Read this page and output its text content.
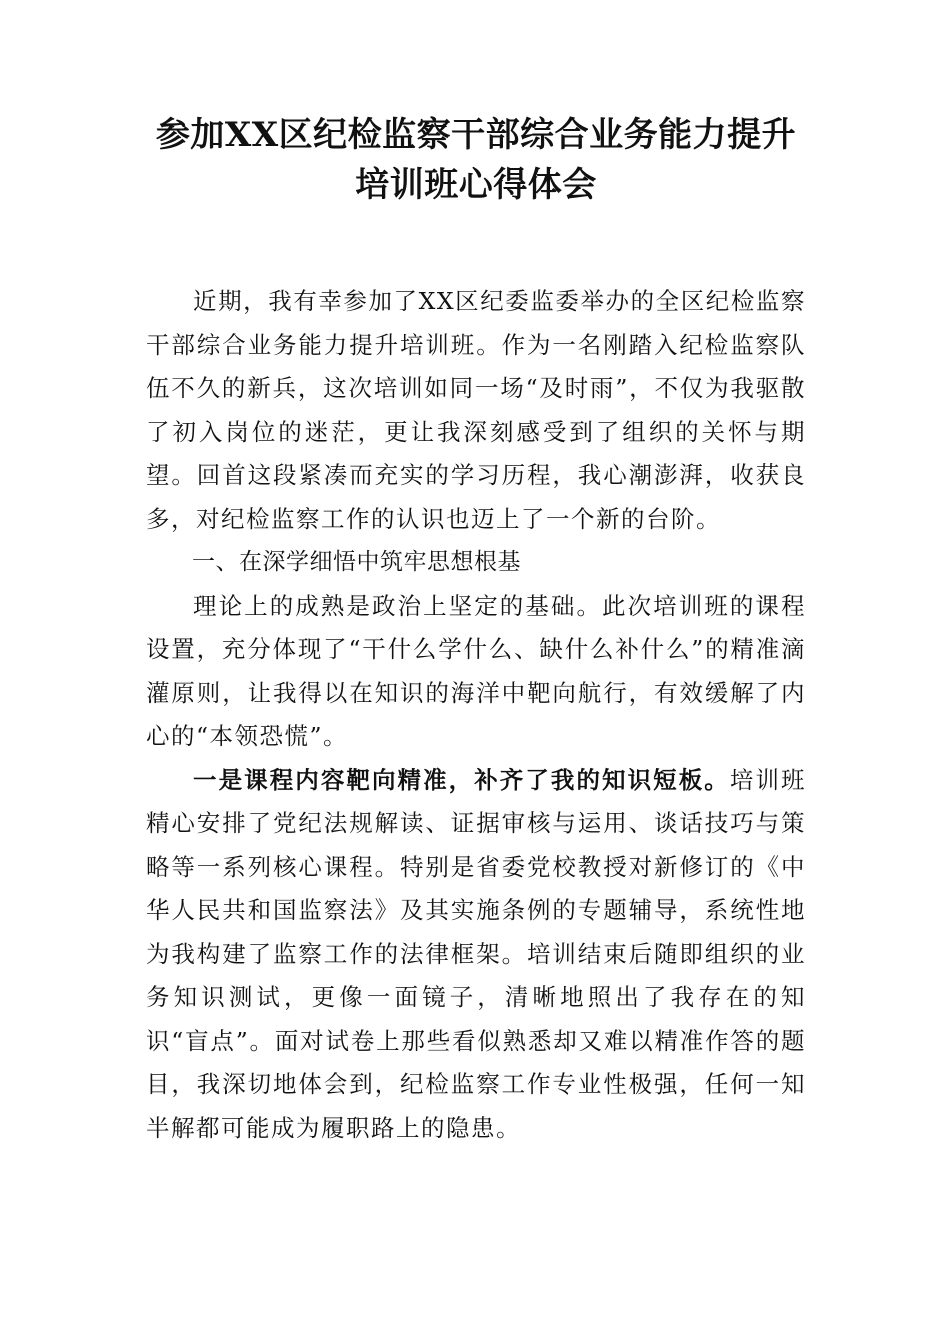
参加XX区纪检监察干部综合业务能力提升
培训班心得体会

近期，我有幸参加了XX区纪委监委举办的全区纪检监察干部综合业务能力提升培训班。作为一名刚踏入纪检监察队伍不久的新兵，这次培训如同一场“及时雨”，不仅为我驱散了初入岗位的迷茫，更让我深刻感受到了组织的关怀与期望。回首这段紧凑而充实的学习历程，我心潮澎湃，收获良多，对纪检监察工作的认识也迈上了一个新的台阶。

一、在深学细悟中筑牢思想根基

理论上的成熟是政治上坚定的基础。此次培训班的课程设置，充分体现了“干什么学什么、缺什么补什么”的精准滴灌原则，让我得以在知识的海洋中靶向航行，有效缓解了内心的“本领恐慌”。

一是课程内容靶向精准，补齐了我的知识短板。培训班精心安排了党纪法规解读、证据审核与运用、谈话技巧与策略等一系列核心课程。特别是省委党校教授对新修订的《中华人民共和国监察法》及其实施条例的专题辅导，系统性地为我构建了监察工作的法律框架。培训结束后随即组织的业务知识测试，更像一面镜子，清晰地照出了我存在的知识“盲点”。面对试卷上那些看似熟悉却又难以精准作答的题目，我深切地体会到，纪检监察工作专业性极强，任何一知半解都可能成为履职路上的隐患。
